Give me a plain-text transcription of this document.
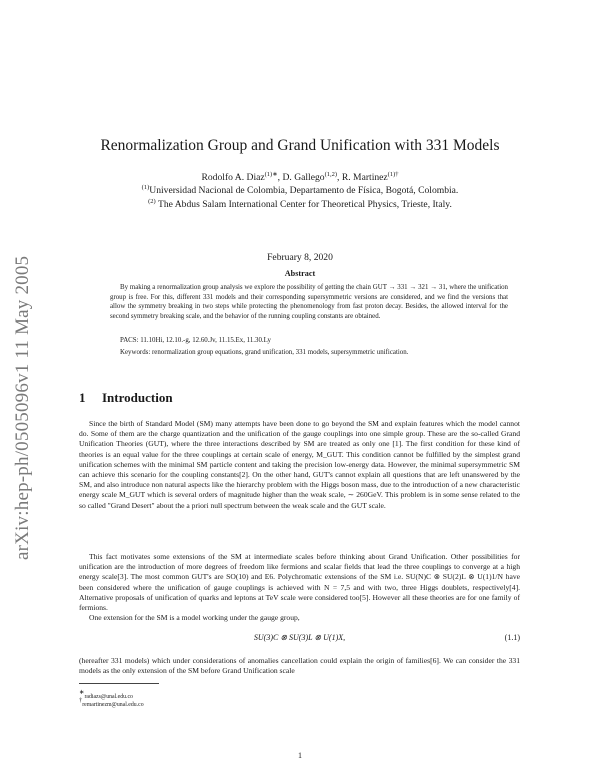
arXiv:hep-ph/0505096v1 11 May 2005
Renormalization Group and Grand Unification with 331 Models
Rodolfo A. Diaz$^{(1)∗}$, D. Gallego$^{(1,2)}$, R. Martinez$^{(1)\dagger}$
$^{(1)}$Universidad Nacional de Colombia, Departamento de Física, Bogotá, Colombia.
$^{(2)}$ The Abdus Salam International Center for Theoretical Physics, Trieste, Italy.
February 8, 2020
Abstract
By making a renormalization group analysis we explore the possibility of getting the chain GUT → 331 → 321 → 31, where the unification group is free. For this, different 331 models and their corresponding supersymmetric versions are considered, and we find the versions that allow the symmetry breaking in two steps while protecting the phenomenology from fast proton decay. Besides, the allowed interval for the second symmetry breaking scale, and the behavior of the running coupling constants are obtained.
PACS: 11.10Hi, 12.10.-g, 12.60.Jv, 11.15.Ex, 11.30.Ly
Keywords: renormalization group equations, grand unification, 331 models, supersymmetric unification.
1 Introduction

Since the birth of Standard Model (SM) many attempts have been done to go beyond the SM and explain features which the model cannot do. Some of them are the charge quantization and the unification of the gauge couplings into one simple group. These are the so-called Grand Unification Theories (GUT), where the three interactions described by SM are treated as only one [1]. The first condition for these kind of theories is an equal value for the three couplings at certain scale of energy, M_GUT. This condition cannot be fulfilled by the simplest grand unification schemes with the minimal SM particle content and taking the precision low-energy data. However, the minimal supersymmetric SM can achieve this scenario for the coupling constants[2]. On the other hand, GUT's cannot explain all questions that are left unanswered by the SM, and also introduce non natural aspects like the hierarchy problem with the Higgs boson mass, due to the introduction of a new characteristic energy scale M_GUT which is several orders of magnitude higher than the weak scale, ∼ 260GeV. This problem is in some sense related to the so called "Grand Desert" about the a priori null spectrum between the weak scale and the GUT scale.

This fact motivates some extensions of the SM at intermediate scales before thinking about Grand Unification. Other possibilities for unification are the introduction of more degrees of freedom like fermions and scalar fields that lead the three couplings to converge at a high energy scale[3]. The most common GUT's are SO(10) and E6. Polychromatic extensions of the SM i.e. SU(N)C ⊗ SU(2)L ⊗ U(1)1/N have been considered where the unification of gauge couplings is achieved with N = 7,5 and with two, three Higgs doublets, respectively[4]. Alternative proposals of unification of quarks and leptons at TeV scale were considered too[5]. However all these theories are for one family of fermions.

One extension for the SM is a model working under the gauge group,

SU(3)C ⊗ SU(3)L ⊗ U(1)X,	(1.1)

(hereafter 331 models) which under considerations of anomalies cancellation could explain the origin of families[6]. We can consider the 331 models as the only extension of the SM before Grand Unification scale

∗radiazs@unal.edu.co
†remartinezm@unal.edu.co
1
